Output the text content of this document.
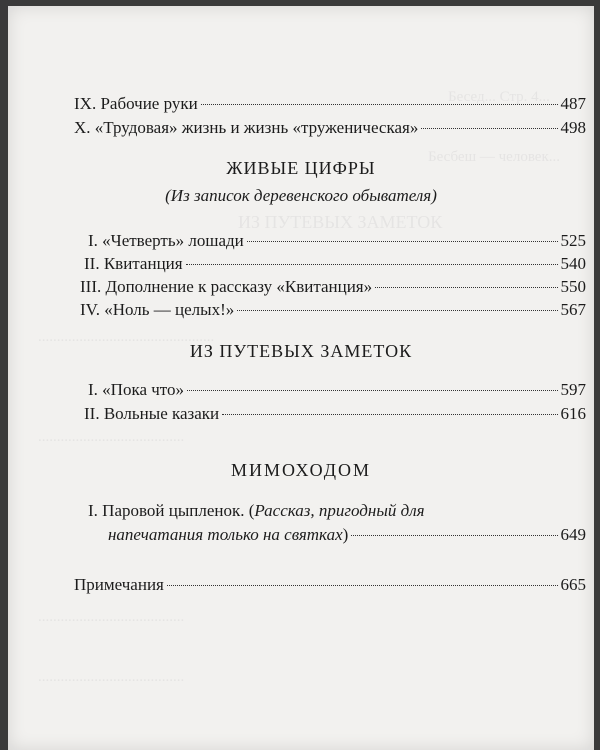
Бесед... Стр. 4...
Бесбеш — человек...
ИЗ ПУТЕВЫХ ЗАМЕТОК
...............................................
.......................................
.......................................
.......................................
IX. Рабочие руки	487
X. «Трудовая» жизнь и жизнь «труженическая»	498
ЖИВЫЕ ЦИФРЫ
(Из записок деревенского обывателя)
I. «Четверть» лошади	525
II. Квитанция	540
III. Дополнение к рассказу «Квитанция»	550
IV. «Ноль — целых!»	567
ИЗ ПУТЕВЫХ ЗАМЕТОК
I. «Пока что»	597
II. Вольные казаки	616
МИМОХОДОМ
I. Паровой цыпленок. (Рассказ, пригодный для
напечатания только на святках)	649
Примечания	665
